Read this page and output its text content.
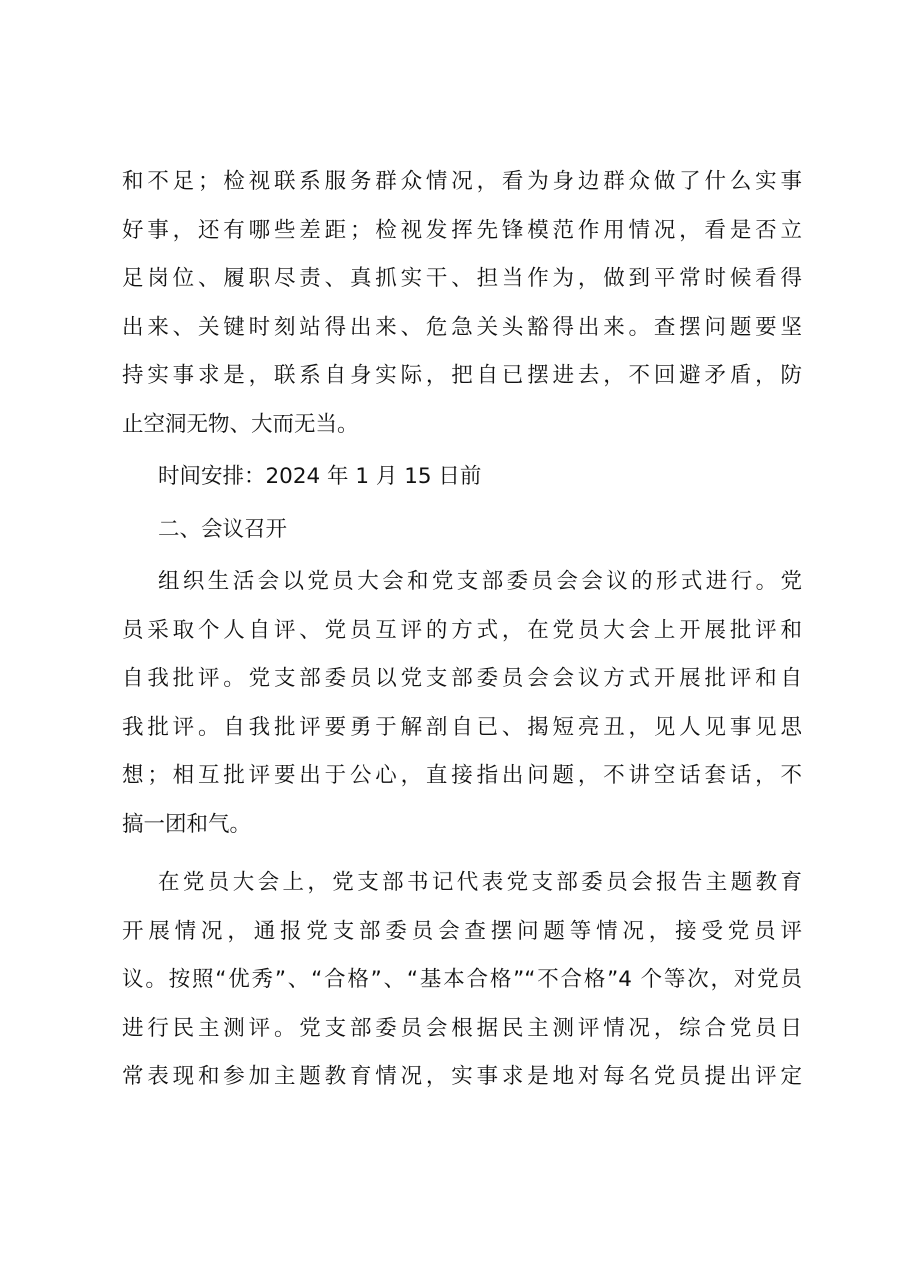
和不足；检视联系服务群众情况，看为身边群众做了什么实事
好事，还有哪些差距；检视发挥先锋模范作用情况，看是否立
足岗位、履职尽责、真抓实干、担当作为，做到平常时候看得
出来、关键时刻站得出来、危急关头豁得出来。查摆问题要坚
持实事求是，联系自身实际，把自已摆进去，不回避矛盾，防
止空洞无物、大而无当。
时间安排：2024 年 1 月 15 日前
二、会议召开
组织生活会以党员大会和党支部委员会会议的形式进行。党
员采取个人自评、党员互评的方式，在党员大会上开展批评和
自我批评。党支部委员以党支部委员会会议方式开展批评和自
我批评。自我批评要勇于解剖自已、揭短亮丑，见人见事见思
想；相互批评要出于公心，直接指出问题，不讲空话套话，不
搞一团和气。
在党员大会上，党支部书记代表党支部委员会报告主题教育
开展情况，通报党支部委员会查摆问题等情况，接受党员评
议。按照“优秀”、“合格”、“基本合格”“不合格”4 个等次，对党员
进行民主测评。党支部委员会根据民主测评情况，综合党员日
常表现和参加主题教育情况，实事求是地对每名党员提出评定
